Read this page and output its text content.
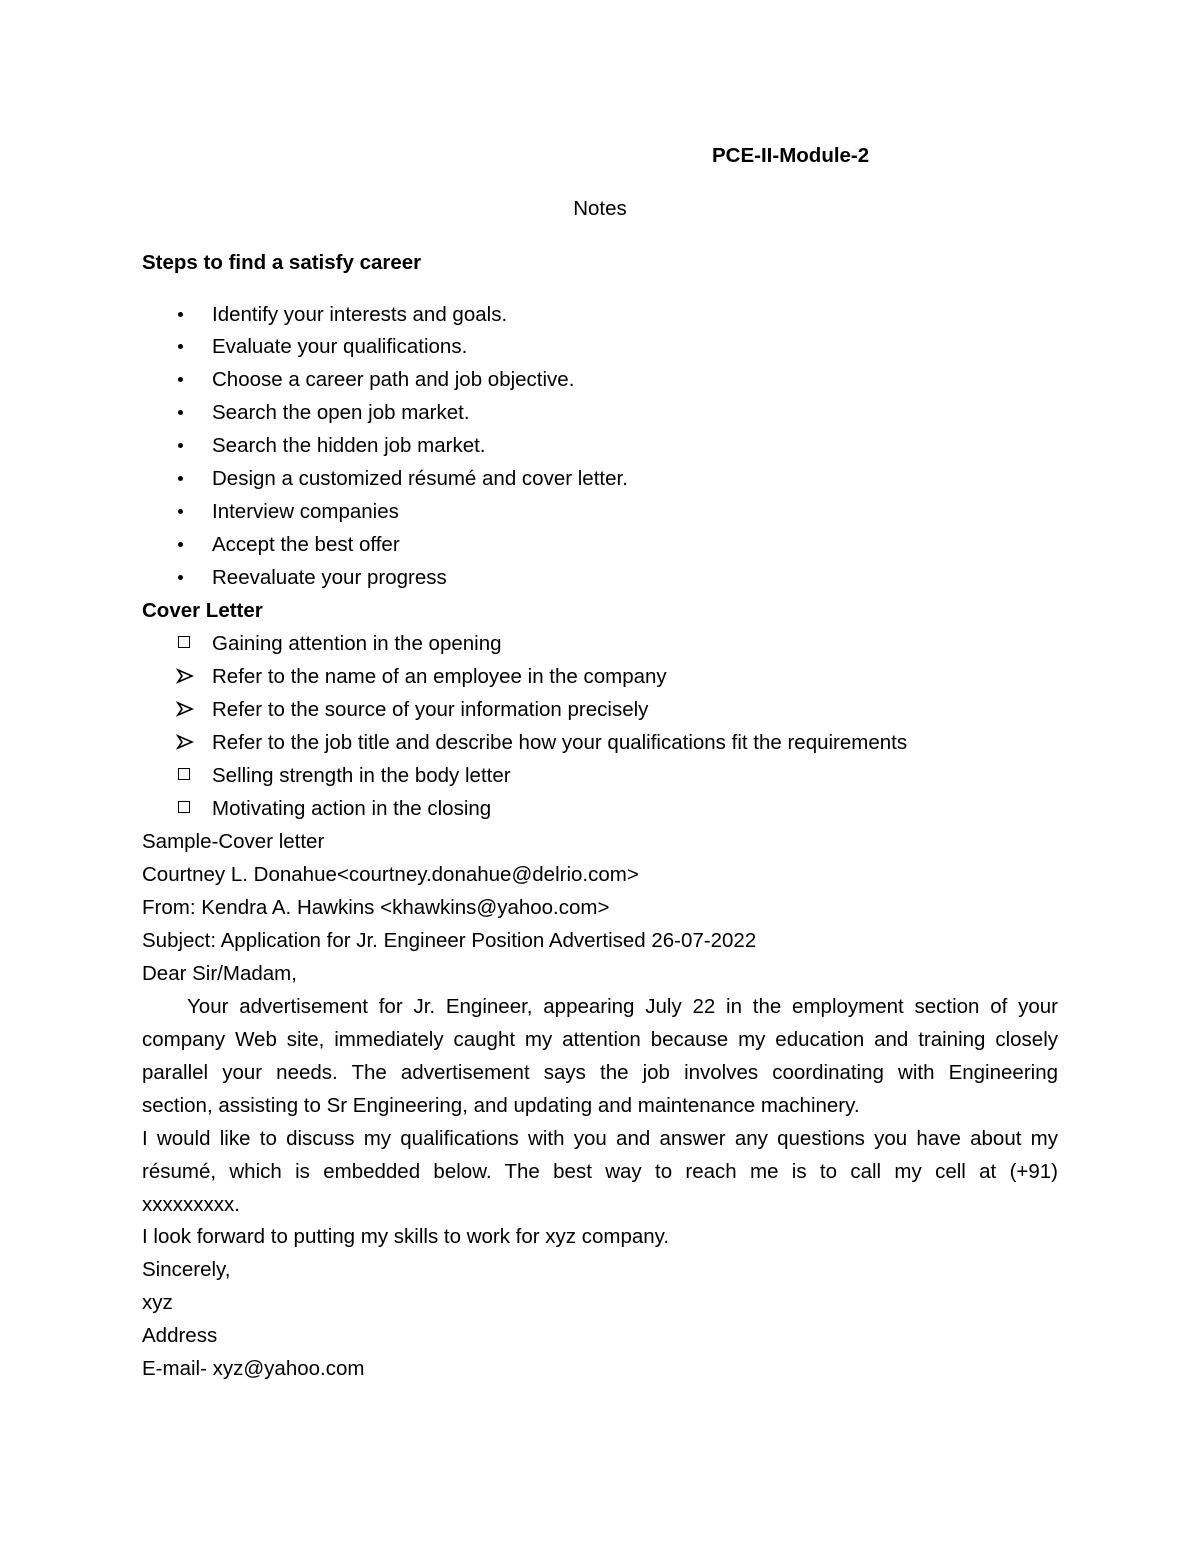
PCE-II-Module-2
Notes
Steps to find a satisfy career
Identify your interests and goals.
Evaluate your qualifications.
Choose a career path and job objective.
Search the open job market.
Search the hidden job market.
Design a customized résumé and cover letter.
Interview companies
Accept the best offer
Reevaluate your progress
Cover Letter
Gaining attention in the opening
Refer to the name of an employee in the company
Refer to the source of your information precisely
Refer to the job title and describe how your qualifications fit the requirements
Selling strength in the body letter
Motivating action in the closing
Sample-Cover letter
Courtney L. Donahue<courtney.donahue@delrio.com>
From: Kendra A. Hawkins <khawkins@yahoo.com>
Subject: Application for Jr. Engineer Position Advertised 26-07-2022
Dear Sir/Madam,
Your advertisement for Jr. Engineer, appearing July 22 in the employment section of your
company Web site, immediately caught my attention because my education and training closely
parallel your needs. The advertisement says the job involves coordinating with Engineering
section, assisting to Sr Engineering, and updating and maintenance machinery.
I would like to discuss my qualifications with you and answer any questions you have about my
résumé, which is embedded below. The best way to reach me is to call my cell at (+91)
xxxxxxxxx.
I look forward to putting my skills to work for xyz company.
Sincerely,
xyz
Address
E-mail- xyz@yahoo.com
